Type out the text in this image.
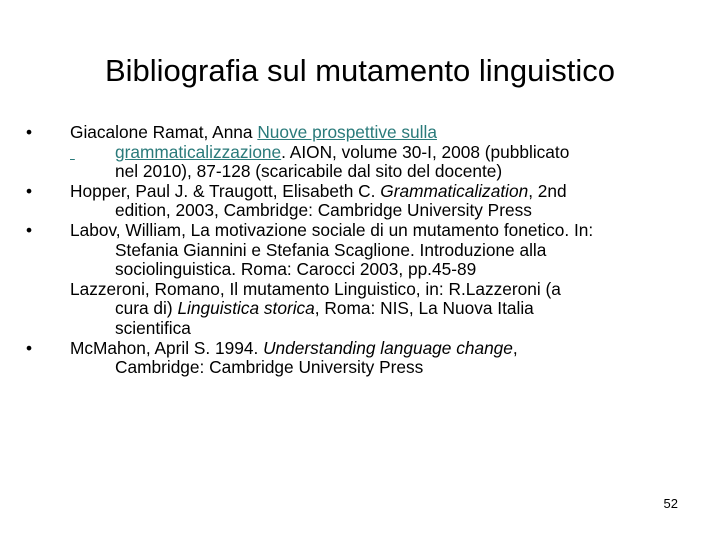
Bibliografia sul mutamento linguistico
•	Giacalone Ramat, Anna Nuove prospettive sulla
grammaticalizzazione. AION, volume 30-I, 2008 (pubblicato
nel 2010), 87-128 (scaricabile dal sito del docente)
•	Hopper, Paul J. & Traugott, Elisabeth C. Grammaticalization, 2nd
edition, 2003, Cambridge: Cambridge University Press
•	Labov, William, La motivazione sociale di un mutamento fonetico. In:
Stefania Giannini e Stefania Scaglione. Introduzione alla
sociolinguistica. Roma: Carocci 2003, pp.45-89
Lazzeroni, Romano, Il mutamento Linguistico, in: R.Lazzeroni (a
cura di) Linguistica storica, Roma: NIS, La Nuova Italia
scientifica
•	McMahon, April S. 1994. Understanding language change,
Cambridge: Cambridge University Press
52
